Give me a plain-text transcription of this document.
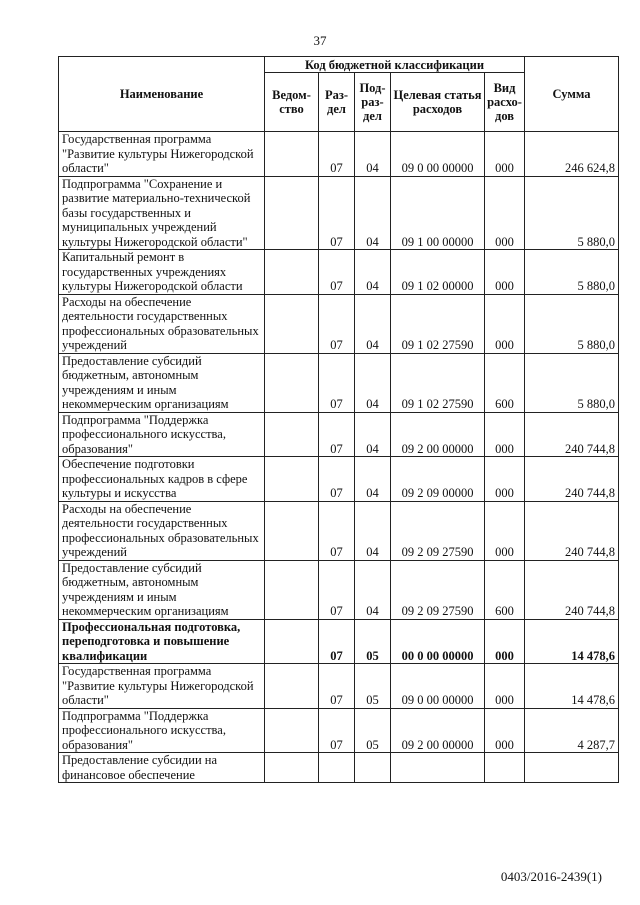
37
Наименование	Код бюджетной классификации					Сумма
	Ведом-ство	Раз-дел	Под-раз-дел	Целевая статья расходов	Вид расхо-дов	
Государственная программа "Развитие культуры Нижегородской области"		07	04	09 0 00 00000	000	246 624,8
Подпрограмма "Сохранение и развитие материально-технической базы государственных и муниципальных учреждений культуры Нижегородской области"		07	04	09 1 00 00000	000	5 880,0
Капитальный ремонт в государственных учреждениях культуры Нижегородской области		07	04	09 1 02 00000	000	5 880,0
Расходы на обеспечение деятельности государственных профессиональных образовательных учреждений		07	04	09 1 02 27590	000	5 880,0
Предоставление субсидий бюджетным, автономным учреждениям и иным некоммерческим организациям		07	04	09 1 02 27590	600	5 880,0
Подпрограмма "Поддержка профессионального искусства, образования"		07	04	09 2 00 00000	000	240 744,8
Обеспечение подготовки профессиональных кадров в сфере культуры и искусства		07	04	09 2 09 00000	000	240 744,8
Расходы на обеспечение деятельности государственных профессиональных образовательных учреждений		07	04	09 2 09 27590	000	240 744,8
Предоставление субсидий бюджетным, автономным учреждениям и иным некоммерческим организациям		07	04	09 2 09 27590	600	240 744,8
Профессиональная подготовка, переподготовка и повышение квалификации		07	05	00 0 00 00000	000	14 478,6
Государственная программа "Развитие культуры Нижегородской области"		07	05	09 0 00 00000	000	14 478,6
Подпрограмма "Поддержка профессионального искусства, образования"		07	05	09 2 00 00000	000	4 287,7
Предоставление субсидии на финансовое обеспечение						
0403/2016-2439(1)
